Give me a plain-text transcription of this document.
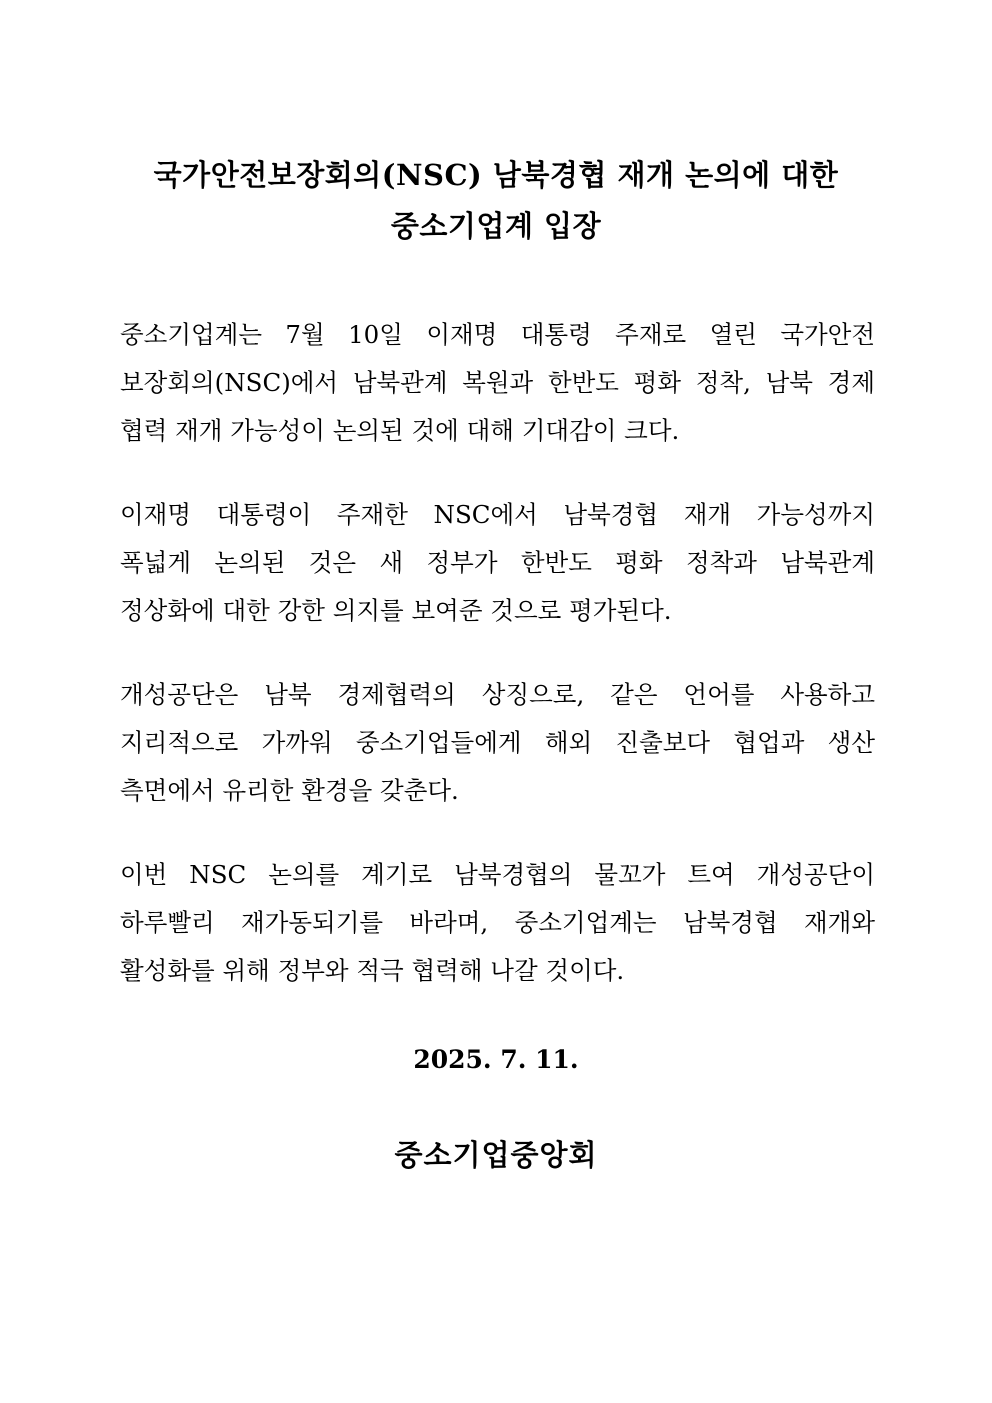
국가안전보장회의(NSC) 남북경협 재개 논의에 대한
중소기업계 입장
중소기업계는 7월 10일 이재명 대통령 주재로 열린 국가안전
보장회의(NSC)에서 남북관계 복원과 한반도 평화 정착, 남북 경제
협력 재개 가능성이 논의된 것에 대해 기대감이 크다.
이재명 대통령이 주재한 NSC에서 남북경협 재개 가능성까지
폭넓게 논의된 것은 새 정부가 한반도 평화 정착과 남북관계
정상화에 대한 강한 의지를 보여준 것으로 평가된다.
개성공단은 남북 경제협력의 상징으로, 같은 언어를 사용하고
지리적으로 가까워 중소기업들에게 해외 진출보다 협업과 생산
측면에서 유리한 환경을 갖춘다.
이번 NSC 논의를 계기로 남북경협의 물꼬가 트여 개성공단이
하루빨리 재가동되기를 바라며, 중소기업계는 남북경협 재개와
활성화를 위해 정부와 적극 협력해 나갈 것이다.
2025. 7. 11.
중소기업중앙회
